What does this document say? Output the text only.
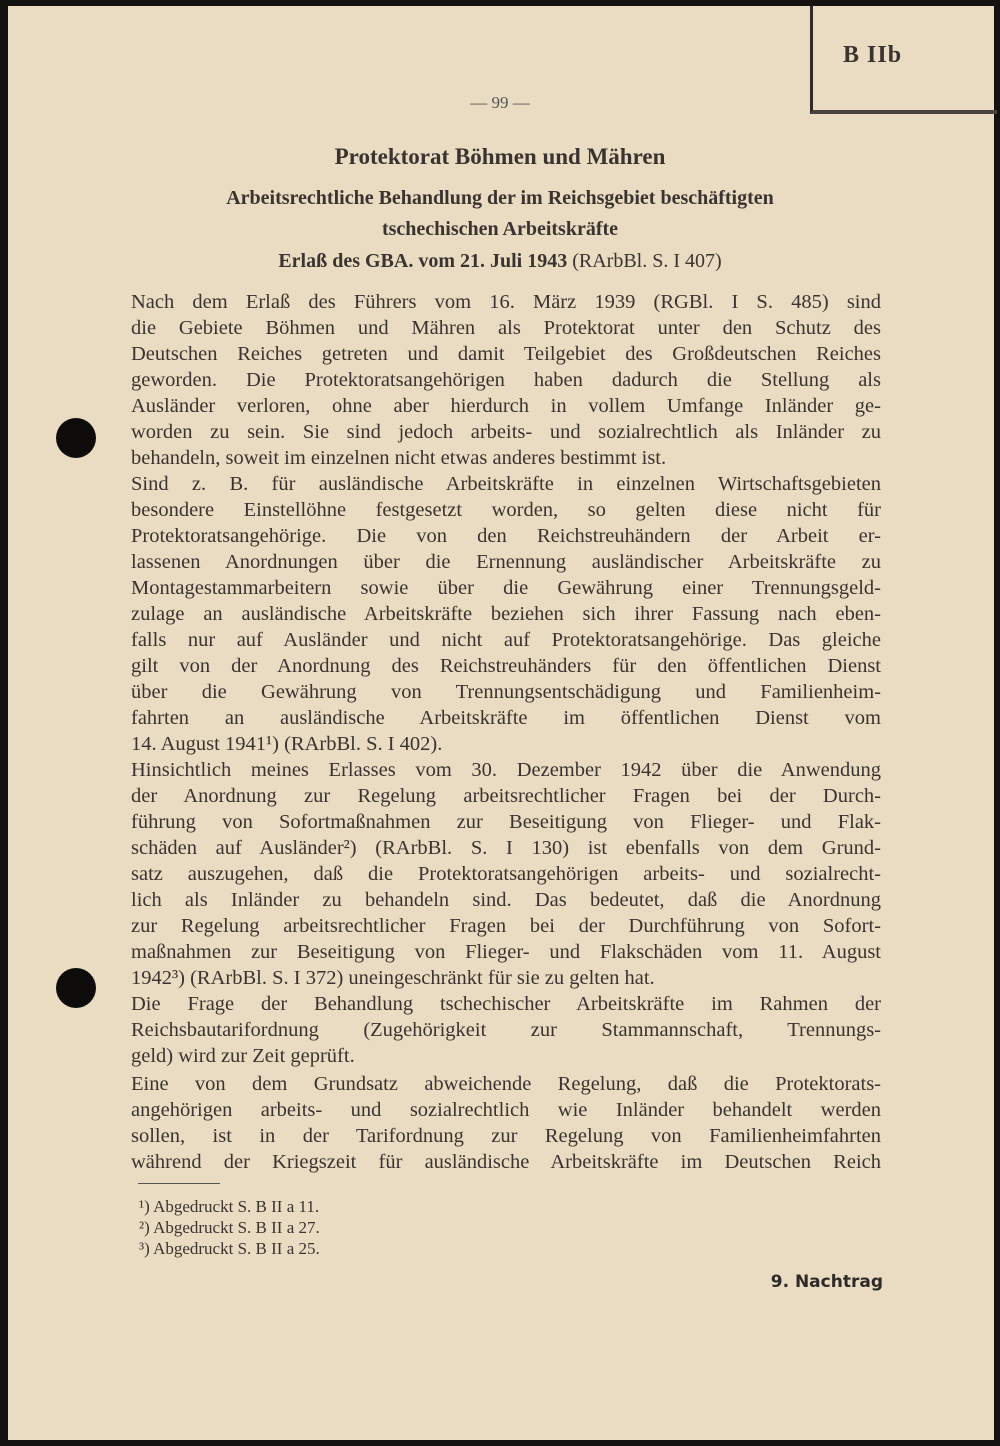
B IIb
— 99 —
Protektorat Böhmen und Mähren
Arbeitsrechtliche Behandlung der im Reichsgebiet beschäftigten
tschechischen Arbeitskräfte
Erlaß des GBA. vom 21. Juli 1943 (RArbBl. S. I 407)
Nach dem Erlaß des Führers vom 16. März 1939 (RGBl. I S. 485) sind
die Gebiete Böhmen und Mähren als Protektorat unter den Schutz des
Deutschen Reiches getreten und damit Teilgebiet des Großdeutschen Reiches
geworden. Die Protektoratsangehörigen haben dadurch die Stellung als
Ausländer verloren, ohne aber hierdurch in vollem Umfange Inländer ge-
worden zu sein. Sie sind jedoch arbeits- und sozialrechtlich als Inländer zu
behandeln, soweit im einzelnen nicht etwas anderes bestimmt ist.
Sind z. B. für ausländische Arbeitskräfte in einzelnen Wirtschaftsgebieten
besondere Einstellöhne festgesetzt worden, so gelten diese nicht für
Protektoratsangehörige. Die von den Reichstreuhändern der Arbeit er-
lassenen Anordnungen über die Ernennung ausländischer Arbeitskräfte zu
Montagestammarbeitern sowie über die Gewährung einer Trennungsgeld-
zulage an ausländische Arbeitskräfte beziehen sich ihrer Fassung nach eben-
falls nur auf Ausländer und nicht auf Protektoratsangehörige. Das gleiche
gilt von der Anordnung des Reichstreuhänders für den öffentlichen Dienst
über die Gewährung von Trennungsentschädigung und Familienheim-
fahrten an ausländische Arbeitskräfte im öffentlichen Dienst vom
14. August 1941¹) (RArbBl. S. I 402).
Hinsichtlich meines Erlasses vom 30. Dezember 1942 über die Anwendung
der Anordnung zur Regelung arbeitsrechtlicher Fragen bei der Durch-
führung von Sofortmaßnahmen zur Beseitigung von Flieger- und Flak-
schäden auf Ausländer²) (RArbBl. S. I 130) ist ebenfalls von dem Grund-
satz auszugehen, daß die Protektoratsangehörigen arbeits- und sozialrecht-
lich als Inländer zu behandeln sind. Das bedeutet, daß die Anordnung
zur Regelung arbeitsrechtlicher Fragen bei der Durchführung von Sofort-
maßnahmen zur Beseitigung von Flieger- und Flakschäden vom 11. August
1942³) (RArbBl. S. I 372) uneingeschränkt für sie zu gelten hat.
Die Frage der Behandlung tschechischer Arbeitskräfte im Rahmen der
Reichsbautarifordnung (Zugehörigkeit zur Stammannschaft, Trennungs-
geld) wird zur Zeit geprüft.
Eine von dem Grundsatz abweichende Regelung, daß die Protektorats-
angehörigen arbeits- und sozialrechtlich wie Inländer behandelt werden
sollen, ist in der Tarifordnung zur Regelung von Familienheimfahrten
während der Kriegszeit für ausländische Arbeitskräfte im Deutschen Reich
¹) Abgedruckt S. B II a 11.
²) Abgedruckt S. B II a 27.
³) Abgedruckt S. B II a 25.
9. Nachtrag
